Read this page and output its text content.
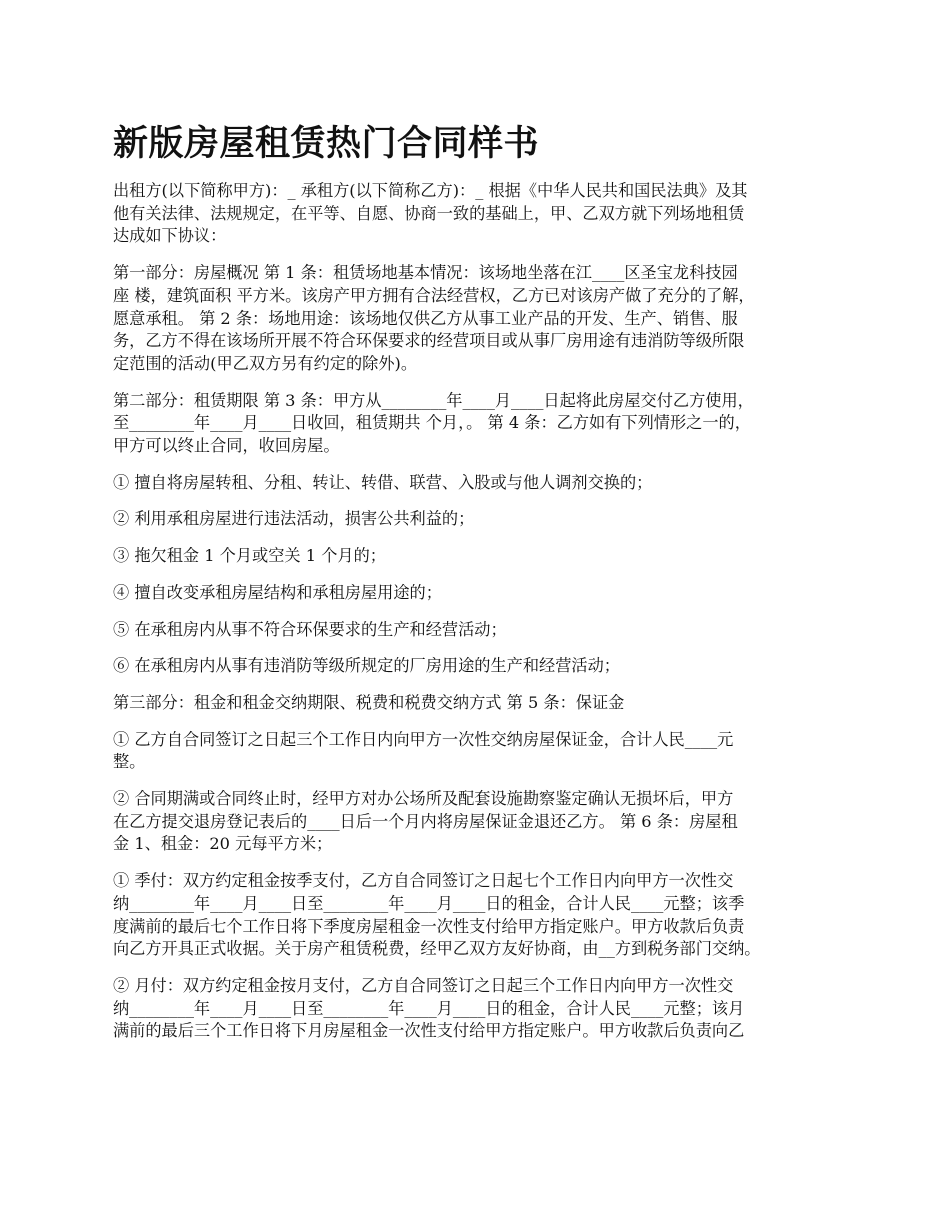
新版房屋租赁热门合同样书

出租方(以下简称甲方)：_ 承租方(以下简称乙方)：_ 根据《中华人民共和国民法典》及其
他有关法律、法规规定，在平等、自愿、协商一致的基础上，甲、乙双方就下列场地租赁
达成如下协议：

第一部分：房屋概况 第 1 条：租赁场地基本情况：该场地坐落在江____区圣宝龙科技园
座 楼，建筑面积 平方米。该房产甲方拥有合法经营权，乙方已对该房产做了充分的了解，
愿意承租。 第 2 条：场地用途：该场地仅供乙方从事工业产品的开发、生产、销售、服
务，乙方不得在该场所开展不符合环保要求的经营项目或从事厂房用途有违消防等级所限
定范围的活动(甲乙双方另有约定的除外)。

第二部分：租赁期限 第 3 条：甲方从________年____月____日起将此房屋交付乙方使用，
至________年____月____日收回，租赁期共 个月，。 第 4 条：乙方如有下列情形之一的，
甲方可以终止合同，收回房屋。

① 擅自将房屋转租、分租、转让、转借、联营、入股或与他人调剂交换的；

② 利用承租房屋进行违法活动，损害公共利益的；

③ 拖欠租金 1 个月或空关 1 个月的；

④ 擅自改变承租房屋结构和承租房屋用途的；

⑤ 在承租房内从事不符合环保要求的生产和经营活动；

⑥ 在承租房内从事有违消防等级所规定的厂房用途的生产和经营活动；

第三部分：租金和租金交纳期限、税费和税费交纳方式 第 5 条：保证金

① 乙方自合同签订之日起三个工作日内向甲方一次性交纳房屋保证金，合计人民____元
整。

② 合同期满或合同终止时，经甲方对办公场所及配套设施勘察鉴定确认无损坏后，甲方
在乙方提交退房登记表后的____日后一个月内将房屋保证金退还乙方。 第 6 条：房屋租
金 1、租金：20 元每平方米；

① 季付：双方约定租金按季支付，乙方自合同签订之日起七个工作日内向甲方一次性交
纳________年____月____日至________年____月____日的租金，合计人民____元整；该季
度满前的最后七个工作日将下季度房屋租金一次性支付给甲方指定账户。甲方收款后负责
向乙方开具正式收据。关于房产租赁税费，经甲乙双方友好协商，由__方到税务部门交纳。

② 月付：双方约定租金按月支付，乙方自合同签订之日起三个工作日内向甲方一次性交
纳________年____月____日至________年____月____日的租金，合计人民____元整；该月
满前的最后三个工作日将下月房屋租金一次性支付给甲方指定账户。甲方收款后负责向乙
